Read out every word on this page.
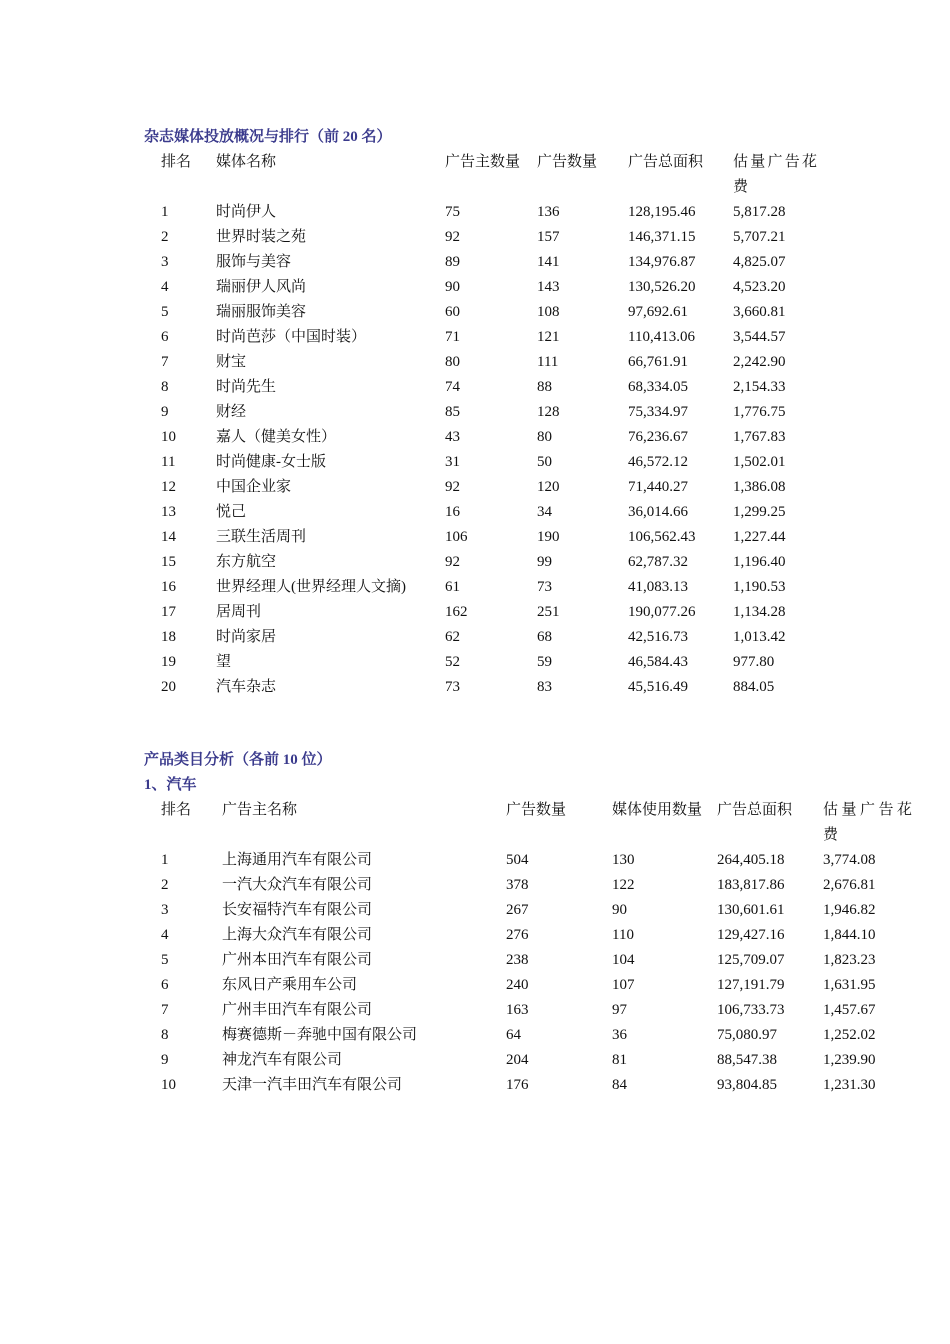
杂志媒体投放概况与排行（前 20 名）
排名	媒体名称	广告主数量	广告数量	广告总面积	估量广告花费

1	时尚伊人	75	136	128,195.46	5,817.28
2	世界时装之苑	92	157	146,371.15	5,707.21
3	服饰与美容	89	141	134,976.87	4,825.07
4	瑞丽伊人风尚	90	143	130,526.20	4,523.20
5	瑞丽服饰美容	60	108	97,692.61	3,660.81
6	时尚芭莎（中国时装）	71	121	110,413.06	3,544.57
7	财宝	80	111	66,761.91	2,242.90
8	时尚先生	74	88	68,334.05	2,154.33
9	财经	85	128	75,334.97	1,776.75
10	嘉人（健美女性）	43	80	76,236.67	1,767.83
11	时尚健康-女士版	31	50	46,572.12	1,502.01
12	中国企业家	92	120	71,440.27	1,386.08
13	悦己	16	34	36,014.66	1,299.25
14	三联生活周刊	106	190	106,562.43	1,227.44
15	东方航空	92	99	62,787.32	1,196.40
16	世界经理人(世界经理人文摘)	61	73	41,083.13	1,190.53
17	居周刊	162	251	190,077.26	1,134.28
18	时尚家居	62	68	42,516.73	1,013.42
19	望	52	59	46,584.43	977.80
20	汽车杂志	73	83	45,516.49	884.05
产品类目分析（各前 10 位）
1、汽车
排名	广告主名称	广告数量	媒体使用数量	广告总面积	估量广告花费

1	上海通用汽车有限公司	504	130	264,405.18	3,774.08
2	一汽大众汽车有限公司	378	122	183,817.86	2,676.81
3	长安福特汽车有限公司	267	90	130,601.61	1,946.82
4	上海大众汽车有限公司	276	110	129,427.16	1,844.10
5	广州本田汽车有限公司	238	104	125,709.07	1,823.23
6	东风日产乘用车公司	240	107	127,191.79	1,631.95
7	广州丰田汽车有限公司	163	97	106,733.73	1,457.67
8	梅赛德斯－奔驰中国有限公司	64	36	75,080.97	1,252.02
9	神龙汽车有限公司	204	81	88,547.38	1,239.90
10	天津一汽丰田汽车有限公司	176	84	93,804.85	1,231.30
